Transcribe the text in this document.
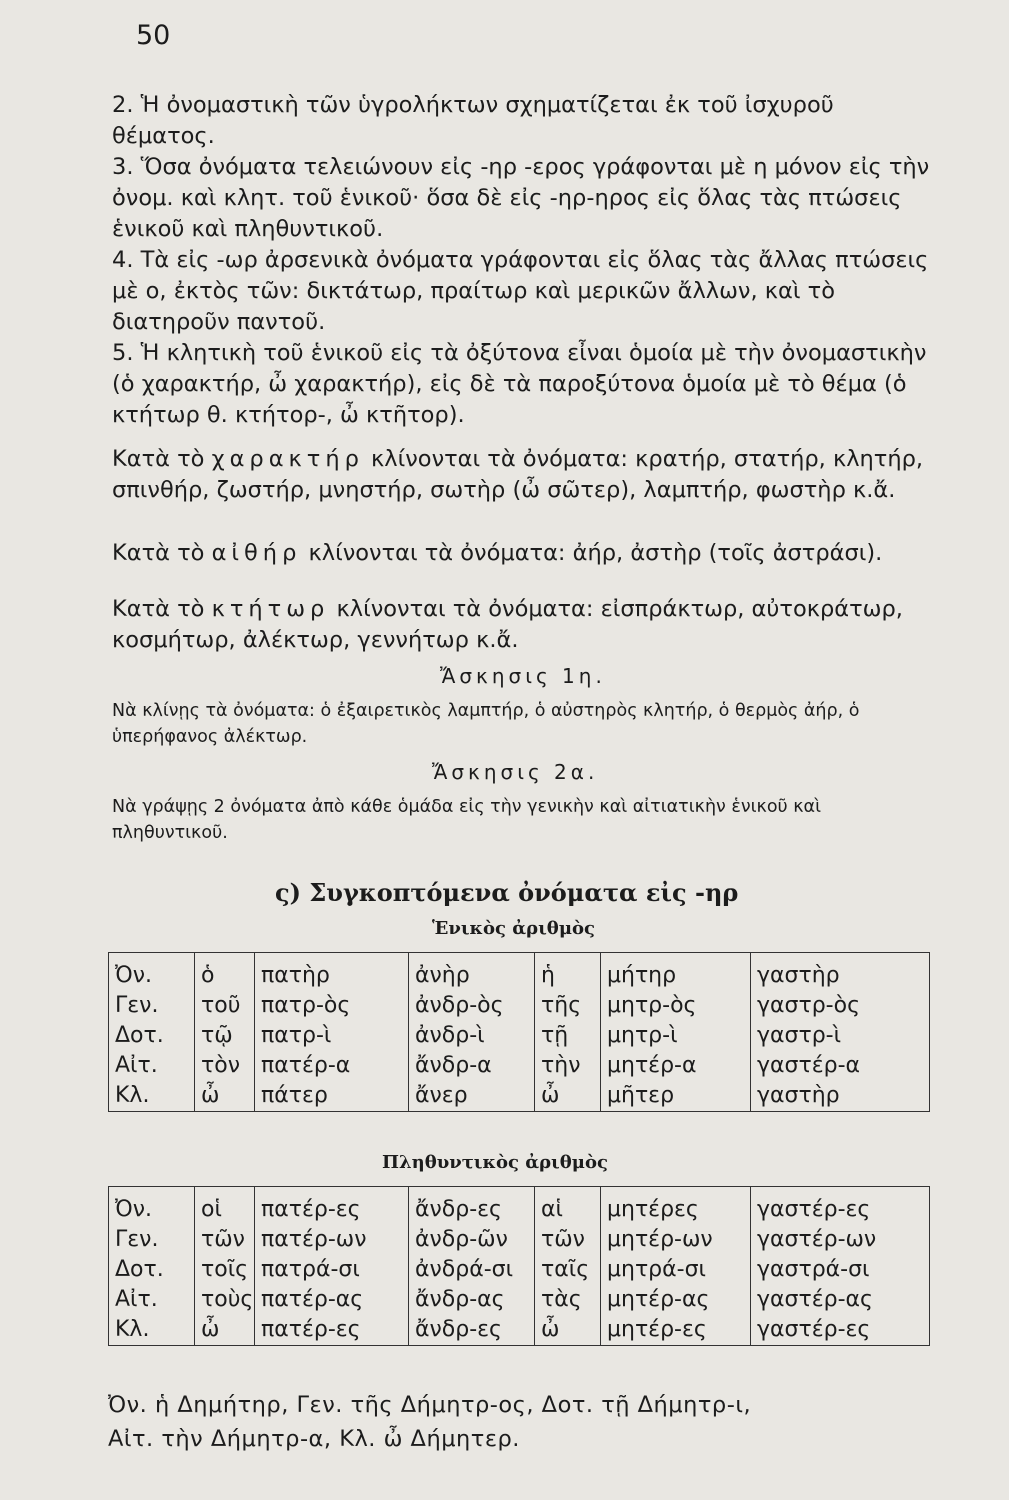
50

2. Ἡ ὀνομαστικὴ τῶν ὑγρολήκτων σχηματίζεται ἐκ τοῦ ἰσχυροῦ θέματος.

3. Ὅσα ὀνόματα τελειώνουν εἰς -ηρ -ερος γράφονται μὲ η μόνον εἰς τὴν ὀνομ. καὶ κλητ. τοῦ ἑνικοῦ· ὅσα δὲ εἰς -ηρ-ηρος εἰς ὅλας τὰς πτώσεις ἑνικοῦ καὶ πληθυντικοῦ.

4. Τὰ εἰς -ωρ ἀρσενικὰ ὀνόματα γράφονται εἰς ὅλας τὰς ἄλλας πτώσεις μὲ ο, ἐκτὸς τῶν: δικτάτωρ, πραίτωρ καὶ μερικῶν ἄλλων, καὶ τὸ διατηροῦν παντοῦ.

5. Ἡ κλητικὴ τοῦ ἑνικοῦ εἰς τὰ ὀξύτονα εἶναι ὁμοία μὲ τὴν ὀνομαστικὴν (ὁ χαρακτήρ, ὦ χαρακτήρ), εἰς δὲ τὰ παροξύτονα ὁμοία μὲ τὸ θέμα (ὁ κτήτωρ θ. κτήτορ-, ὦ κτῆτορ).

Κατὰ τὸ χαρακτήρ κλίνονται τὰ ὀνόματα: κρατήρ, στατήρ, κλητήρ, σπινθήρ, ζωστήρ, μνηστήρ, σωτὴρ (ὦ σῶτερ), λαμπτήρ, φωστὴρ κ.ἄ.

Κατὰ τὸ αἰθήρ κλίνονται τὰ ὀνόματα: ἀήρ, ἀστὴρ (τοῖς ἀστράσι).

Κατὰ τὸ κτήτωρ κλίνονται τὰ ὀνόματα: εἰσπράκτωρ, αὐτοκράτωρ, κοσμήτωρ, ἀλέκτωρ, γεννήτωρ κ.ἄ.

Ἄσκησις 1η.

Νὰ κλίνῃς τὰ ὀνόματα: ὁ ἐξαιρετικὸς λαμπτήρ, ὁ αὐστηρὸς κλητήρ, ὁ θερμὸς ἀήρ, ὁ ὑπερήφανος ἀλέκτωρ.

Ἄσκησις 2α.

Νὰ γράψῃς 2 ὀνόματα ἀπὸ κάθε ὁμάδα εἰς τὴν γενικὴν καὶ αἰτιατικὴν ἑνικοῦ καὶ πληθυντικοῦ.

ς) Συγκοπτόμενα ὀνόματα εἰς -ηρ
Ἑνικὸς ἀριθμὸς
Ὀν.	ὁ	πατὴρ	ἀνὴρ	ἡ	μήτηρ	γαστὴρ
Γεν.	τοῦ	πατρ-ὸς	ἀνδρ-ὸς	τῆς	μητρ-ὸς	γαστρ-ὸς
Δοτ.	τῷ	πατρ-ὶ	ἀνδρ-ὶ	τῇ	μητρ-ὶ	γαστρ-ὶ
Αἰτ.	τὸν	πατέρ-α	ἄνδρ-α	τὴν	μητέρ-α	γαστέρ-α
Κλ.	ὦ	πάτερ	ἄνερ	ὦ	μῆτερ	γαστὴρ
Πληθυντικὸς ἀριθμὸς
Ὀν.	οἱ	πατέρ-ες	ἄνδρ-ες	αἱ	μητέρες	γαστέρ-ες
Γεν.	τῶν	πατέρ-ων	ἀνδρ-ῶν	τῶν	μητέρ-ων	γαστέρ-ων
Δοτ.	τοῖς	πατρά-σι	ἀνδρά-σι	ταῖς	μητρά-σι	γαστρά-σι
Αἰτ.	τοὺς	πατέρ-ας	ἄνδρ-ας	τὰς	μητέρ-ας	γαστέρ-ας
Κλ.	ὦ	πατέρ-ες	ἄνδρ-ες	ὦ	μητέρ-ες	γαστέρ-ες

Ὀν. ἡ Δημήτηρ, Γεν. τῆς Δήμητρ-ος, Δοτ. τῇ Δήμητρ-ι,

Αἰτ. τὴν Δήμητρ-α, Κλ. ὦ Δήμητερ.
